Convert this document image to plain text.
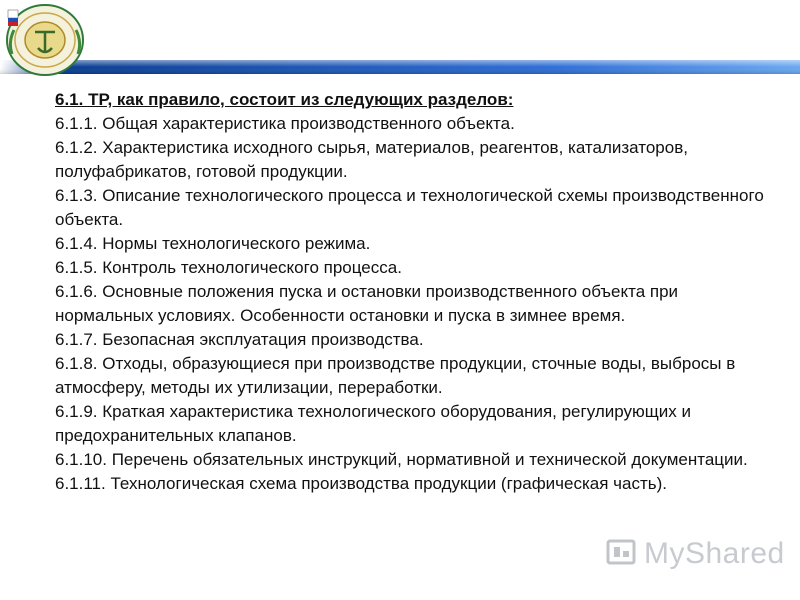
6.1. ТР, как правило, состоит из следующих разделов:

6.1.1. Общая характеристика производственного объекта.

6.1.2. Характеристика исходного сырья, материалов, реагентов, катализаторов, полуфабрикатов, готовой продукции.

6.1.3. Описание технологического процесса и технологической схемы производственного объекта.

6.1.4. Нормы технологического режима.

6.1.5. Контроль технологического процесса.

6.1.6. Основные положения пуска и остановки производственного объекта при нормальных условиях. Особенности остановки и пуска в зимнее время.

6.1.7. Безопасная эксплуатация производства.

6.1.8. Отходы, образующиеся при производстве продукции, сточные воды, выбросы в атмосферу, методы их утилизации, переработки.

6.1.9. Краткая характеристика технологического оборудования, регулирующих и предохранительных клапанов.

6.1.10. Перечень обязательных инструкций, нормативной и технической документации.

6.1.11. Технологическая схема производства продукции (графическая часть).

MyShared
